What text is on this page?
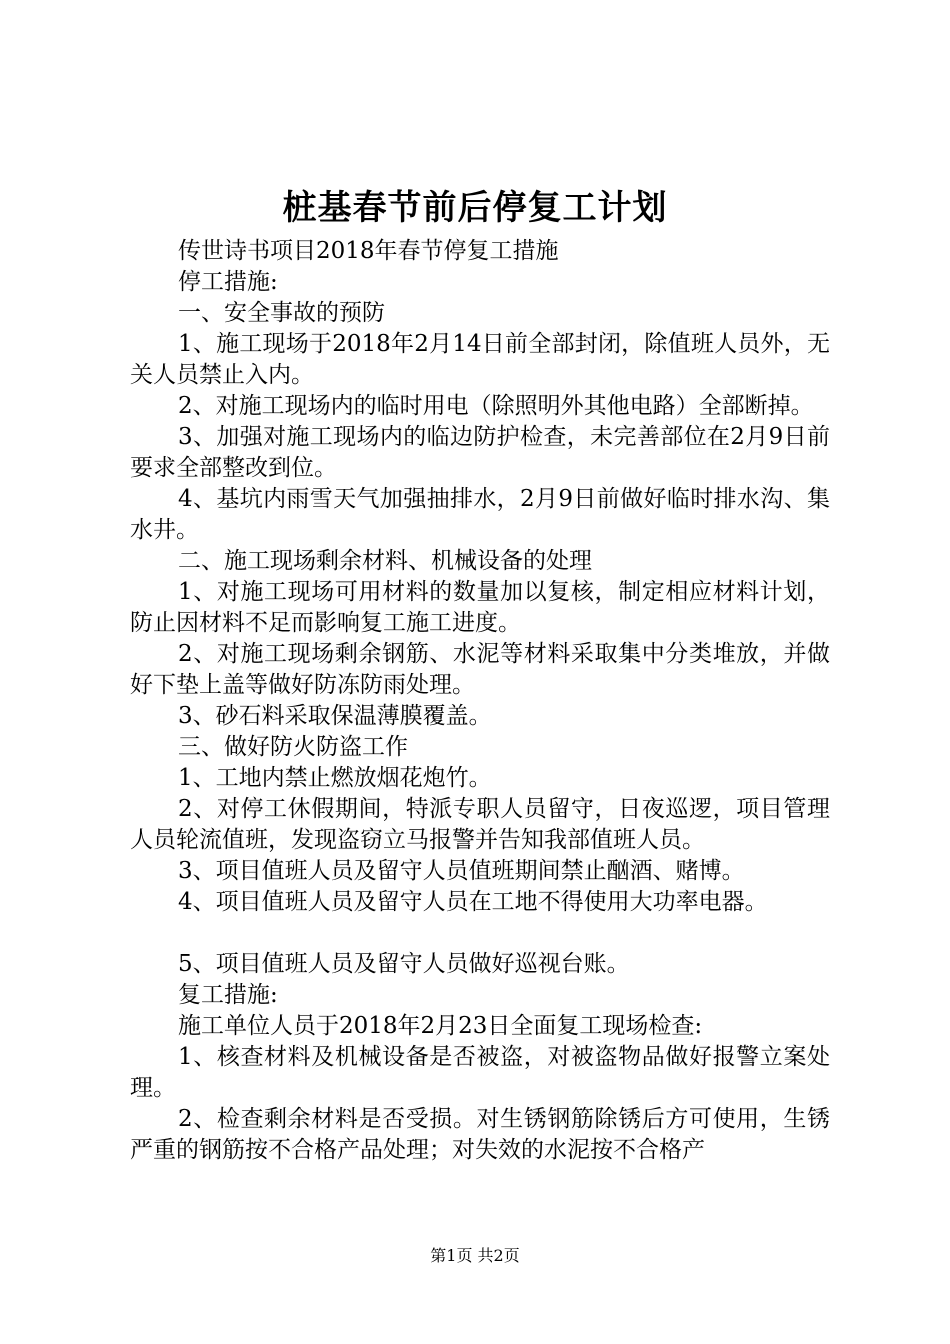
桩基春节前后停复工计划

传世诗书项目2018年春节停复工措施

停工措施:

一、安全事故的预防

1、施工现场于2018年2月14日前全部封闭，除值班人员外，无关人员禁止入内。

2、对施工现场内的临时用电（除照明外其他电路）全部断掉。

3、加强对施工现场内的临边防护检查，未完善部位在2月9日前要求全部整改到位。

4、基坑内雨雪天气加强抽排水，2月9日前做好临时排水沟、集水井。

二、施工现场剩余材料、机械设备的处理

1、对施工现场可用材料的数量加以复核，制定相应材料计划，防止因材料不足而影响复工施工进度。

2、对施工现场剩余钢筋、水泥等材料采取集中分类堆放，并做好下垫上盖等做好防冻防雨处理。

3、砂石料采取保温薄膜覆盖。

三、做好防火防盗工作

1、工地内禁止燃放烟花炮竹。

2、对停工休假期间，特派专职人员留守，日夜巡逻，项目管理人员轮流值班，发现盗窃立马报警并告知我部值班人员。

3、项目值班人员及留守人员值班期间禁止酗酒、赌博。

4、项目值班人员及留守人员在工地不得使用大功率电器。

5、项目值班人员及留守人员做好巡视台账。

复工措施:

施工单位人员于2018年2月23日全面复工现场检查:

1、核查材料及机械设备是否被盗，对被盗物品做好报警立案处理。

2、检查剩余材料是否受损。对生锈钢筋除锈后方可使用，生锈严重的钢筋按不合格产品处理；对失效的水泥按不合格产

第1页 共2页
